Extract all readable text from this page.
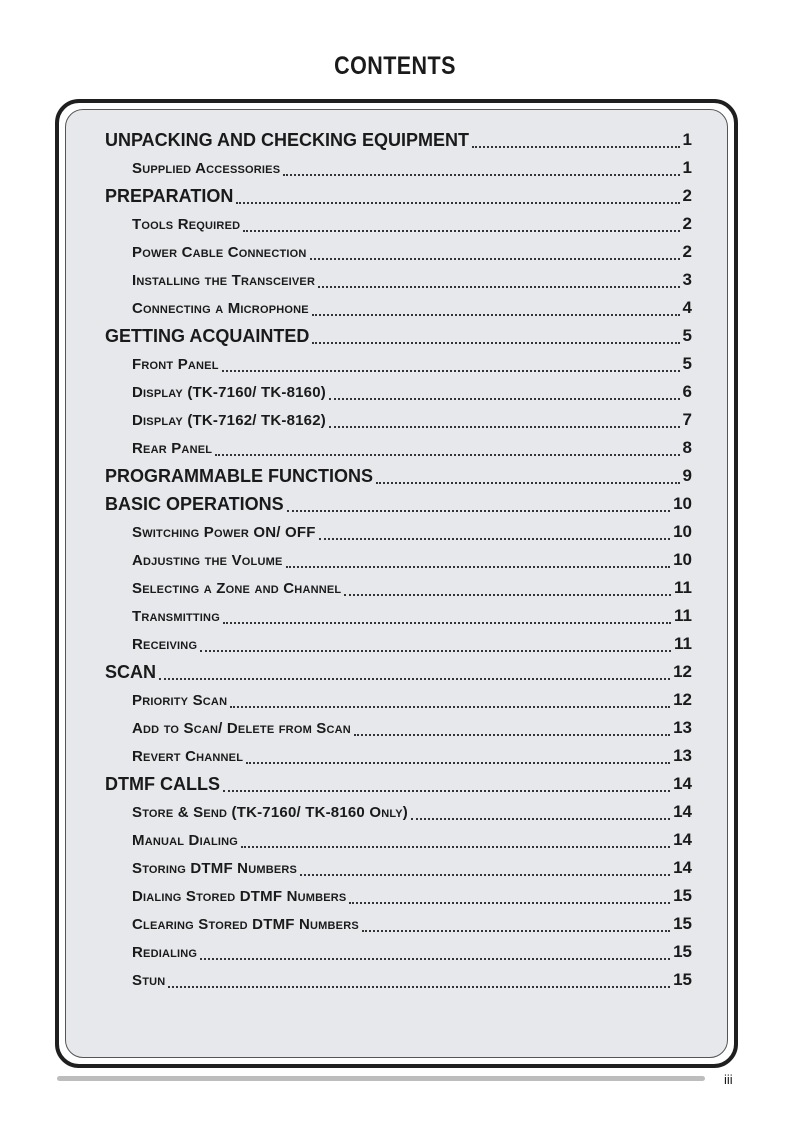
CONTENTS
UNPACKING AND CHECKING EQUIPMENT	1
Supplied Accessories	1
PREPARATION	2
Tools Required	2
Power Cable Connection	2
Installing the Transceiver	3
Connecting a Microphone	4
GETTING ACQUAINTED	5
Front Panel	5
Display (TK-7160/ TK-8160)	6
Display (TK-7162/ TK-8162)	7
Rear Panel	8
PROGRAMMABLE FUNCTIONS	9
BASIC OPERATIONS	10
Switching Power ON/ OFF	10
Adjusting the Volume	10
Selecting a Zone and Channel	11
Transmitting	11
Receiving	11
SCAN	12
Priority Scan	12
Add to Scan/ Delete from Scan	13
Revert Channel	13
DTMF CALLS	14
Store & Send (TK-7160/ TK-8160 Only)	14
Manual Dialing	14
Storing DTMF Numbers	14
Dialing Stored DTMF Numbers	15
Clearing Stored DTMF Numbers	15
Redialing	15
Stun	15
iii
